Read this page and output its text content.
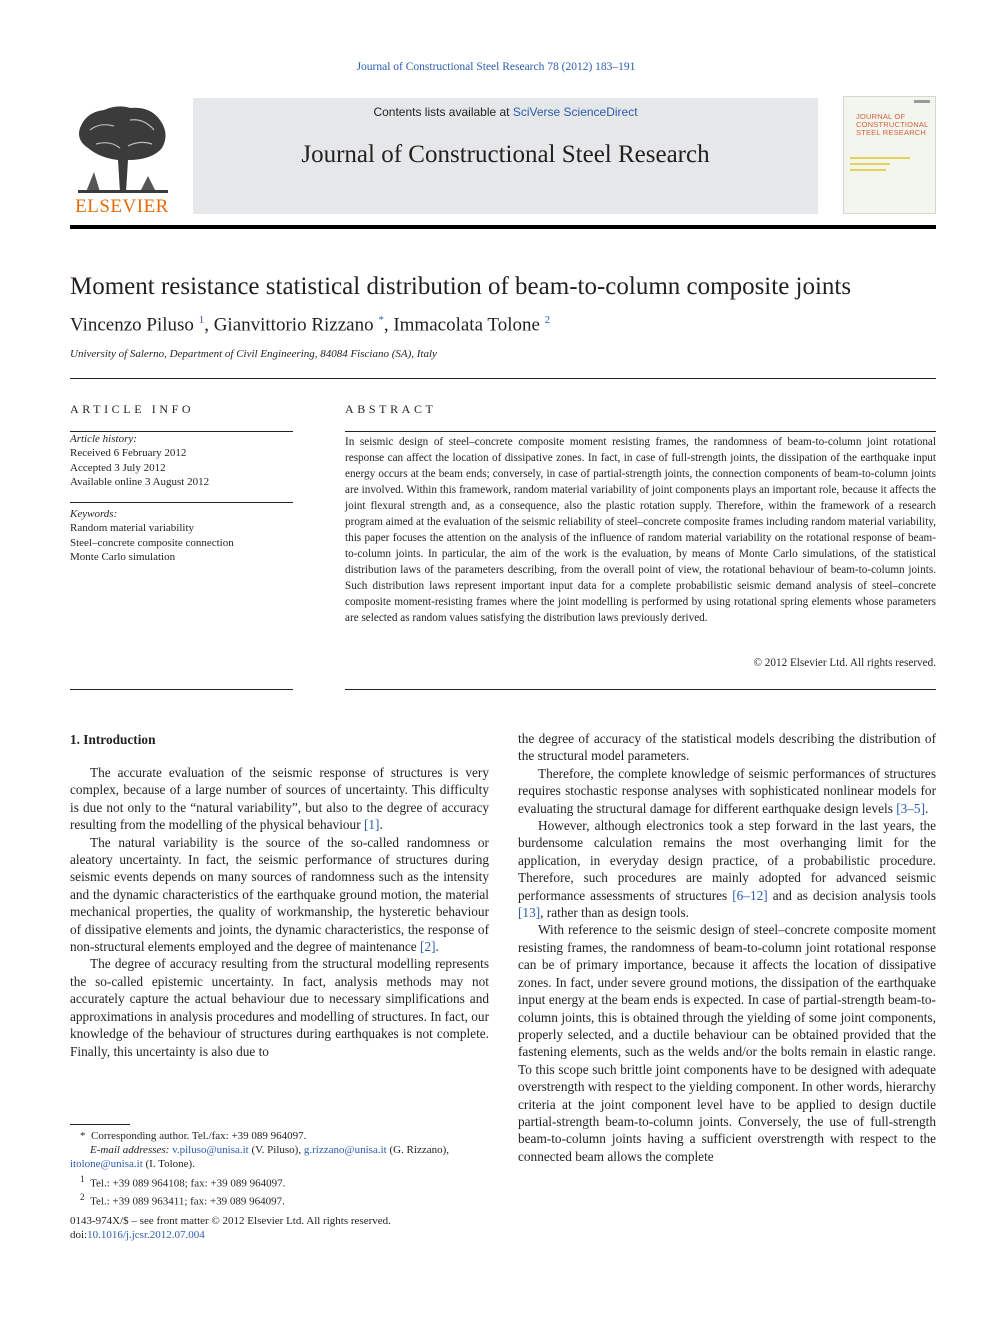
Journal of Constructional Steel Research 78 (2012) 183–191
ELSEVIER
Contents lists available at SciVerse ScienceDirect
Journal of Constructional Steel Research
JOURNAL OF CONSTRUCTIONAL STEEL RESEARCH
Moment resistance statistical distribution of beam-to-column composite joints
Vincenzo Piluso $^1$, Gianvittorio Rizzano *, Immacolata Tolone $^2$
University of Salerno, Department of Civil Engineering, 84084 Fisciano (SA), Italy
ARTICLE INFO
Article history:
Received 6 February 2012
Accepted 3 July 2012
Available online 3 August 2012
Keywords:
Random material variability
Steel–concrete composite connection
Monte Carlo simulation
ABSTRACT
In seismic design of steel–concrete composite moment resisting frames, the randomness of beam-to-column joint rotational response can affect the location of dissipative zones. In fact, in case of full-strength joints, the dissipation of the earthquake input energy occurs at the beam ends; conversely, in case of partial-strength joints, the connection components of beam-to-column joints are involved. Within this framework, random material variability of joint components plays an important role, because it affects the joint flexural strength and, as a consequence, also the plastic rotation supply. Therefore, within the framework of a research program aimed at the evaluation of the seismic reliability of steel–concrete composite frames including random material variability, this paper focuses the attention on the analysis of the influence of random material variability on the rotational response of beam-to-column joints. In particular, the aim of the work is the evaluation, by means of Monte Carlo simulations, of the statistical distribution laws of the parameters describing, from the overall point of view, the rotational behaviour of beam-to-column joints. Such distribution laws represent important input data for a complete probabilistic seismic demand analysis of steel–concrete composite moment-resisting frames where the joint modelling is performed by using rotational spring elements whose parameters are selected as random values satisfying the distribution laws previously derived.
© 2012 Elsevier Ltd. All rights reserved.
1. Introduction

The accurate evaluation of the seismic response of structures is very complex, because of a large number of sources of uncertainty. This difficulty is due not only to the “natural variability”, but also to the degree of accuracy resulting from the modelling of the physical behaviour [1].

The natural variability is the source of the so-called randomness or aleatory uncertainty. In fact, the seismic performance of structures during seismic events depends on many sources of randomness such as the intensity and the dynamic characteristics of the earthquake ground motion, the material mechanical properties, the quality of workmanship, the hysteretic behaviour of dissipative elements and joints, the dynamic characteristics, the response of non-structural elements employed and the degree of maintenance [2].

The degree of accuracy resulting from the structural modelling represents the so-called epistemic uncertainty. In fact, analysis methods may not accurately capture the actual behaviour due to necessary simplifications and approximations in analysis procedures and modelling of structures. In fact, our knowledge of the behaviour of structures during earthquakes is not complete. Finally, this uncertainty is also due to

the degree of accuracy of the statistical models describing the distribution of the structural model parameters.

Therefore, the complete knowledge of seismic performances of structures requires stochastic response analyses with sophisticated nonlinear models for evaluating the structural damage for different earthquake design levels [3–5].

However, although electronics took a step forward in the last years, the burdensome calculation remains the most overhanging limit for the application, in everyday design practice, of a probabilistic procedure. Therefore, such procedures are mainly adopted for advanced seismic performance assessments of structures [6–12] and as decision analysis tools [13], rather than as design tools.

With reference to the seismic design of steel–concrete composite moment resisting frames, the randomness of beam-to-column joint rotational response can be of primary importance, because it affects the location of dissipative zones. In fact, under severe ground motions, the dissipation of the earthquake input energy at the beam ends is expected. In case of partial-strength beam-to-column joints, this is obtained through the yielding of some joint components, properly selected, and a ductile behaviour can be obtained provided that the fastening elements, such as the welds and/or the bolts remain in elastic range. To this scope such brittle joint components have to be designed with adequate overstrength with respect to the yielding component. In other words, hierarchy criteria at the joint component level have to be applied to design ductile partial-strength beam-to-column joints. Conversely, the use of full-strength beam-to-column joints having a sufficient overstrength with respect to the connected beam allows the complete

* Corresponding author. Tel./fax: +39 089 964097.
E-mail addresses: v.piluso@unisa.it (V. Piluso), g.rizzano@unisa.it (G. Rizzano),
itolone@unisa.it (I. Tolone).
$^1$ Tel.: +39 089 964108; fax: +39 089 964097.
$^2$ Tel.: +39 089 963411; fax: +39 089 964097.
0143-974X/$ – see front matter © 2012 Elsevier Ltd. All rights reserved.
doi:10.1016/j.jcsr.2012.07.004
